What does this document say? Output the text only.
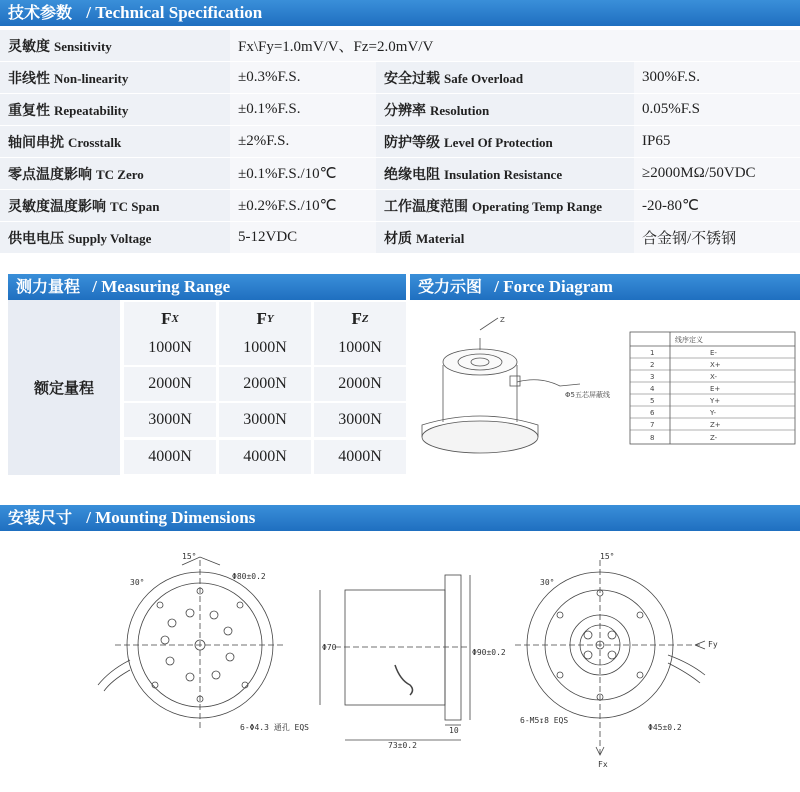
技术参数 / Technical Specification
灵敏度 Sensitivity	Fx\Fy=1.0mV/V、Fz=2.0mV/V		
非线性 Non-linearity	±0.3%F.S.	安全过载 Safe Overload	300%F.S.
重复性 Repeatability	±0.1%F.S.	分辨率 Resolution	0.05%F.S
轴间串扰 Crosstalk	±2%F.S.	防护等级 Level Of Protection	IP65
零点温度影响 TC Zero	±0.1%F.S./10℃	绝缘电阻 Insulation Resistance	≥2000MΩ/50VDC
灵敏度温度影响 TC Span	±0.2%F.S./10℃	工作温度范围 Operating Temp Range	-20-80℃
供电电压 Supply Voltage	5-12VDC	材质 Material	合金钢/不锈钢
测力量程 / Measuring Range
额定量程
F X	F Y	F Z
1000N	1000N	1000N
2000N	2000N	2000N
3000N	3000N	3000N
4000N	4000N	4000N
受力示图 / Force Diagram
Z
Φ5五芯屏蔽线
线序定义
1	E-
2	X+
3	X-
4	E+
5	Y+
6	Y-
7	Z+
8	Z-
安装尺寸 / Mounting Dimensions
15°
30°
Φ80±0.2
6-Φ4.3 通孔 EQS
Φ70
Φ90±0.2
10
73±0.2
15°
30°
6-M5↧8 EQS
Φ45±0.2
Fy
Fx
